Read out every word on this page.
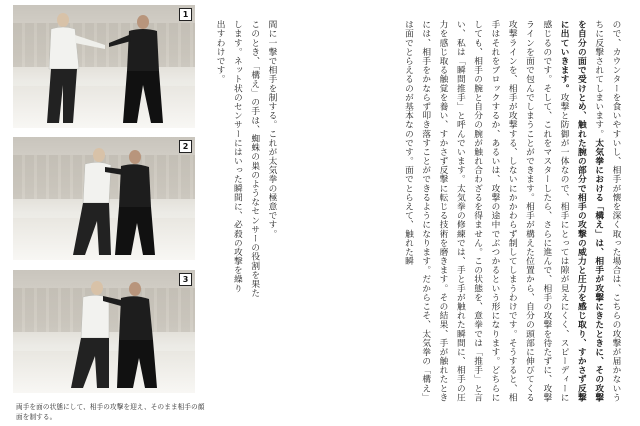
1
2
3
両手を面の状態にして、相手の攻撃を迎え、そのまま相手の顔面を制する。
ので、カウンターを食いやすいし、相手が懐を深く取った場合は、こちらの攻撃が届かないうちに反撃されてしまいます。太気拳における「構え」は、相手が攻撃にきたときに、その攻撃を自分の面で受けとめ、触れた腕の部分で相手の攻撃の威力と圧力を感じ取り、すかさず反撃に出ていきます。攻撃と防御が一体なので、相手にとっては隙が見えにくく、スピーディーに感じるのです。そして、これをマスターしたら、さらに進んで、相手の攻撃を待たずに、攻撃ラインを面で包んでしまうことができます。相手が構えた位置から、自分の頭部に伸びてくる攻撃ラインを、相手が攻撃する、しないにかかわらず制してしまうわけです。そうすると、相手はそれをブロックするか、あるいは、攻撃の途中でぶつかるという形になります。どちらにしても、相手の腕と自分の腕が触れ合わざるを得ません。この状態を、意拳では「推手」と言い、私は「瞬間推手」と呼んでいます。太気拳の修練では、手と手が触れた瞬間に、相手の圧力を感じ取る触覚を養い、すかさず反撃に転じる技術を磨きます。その結果、手が触れたときには、相手をかならず叩き落すことができるようになります。だからこそ、太気拳の「構え」は面でとらえるのが基本なのです。面でとらえて、触れた瞬
間に一撃で相手を制する。これが太気拳の極意です。
このとき、「構え」の手は、蜘蛛の巣のようなセンサーの役割を果たします。ネット状のセンサーにはいった瞬間に、必殺の攻撃を繰り出すわけです。
